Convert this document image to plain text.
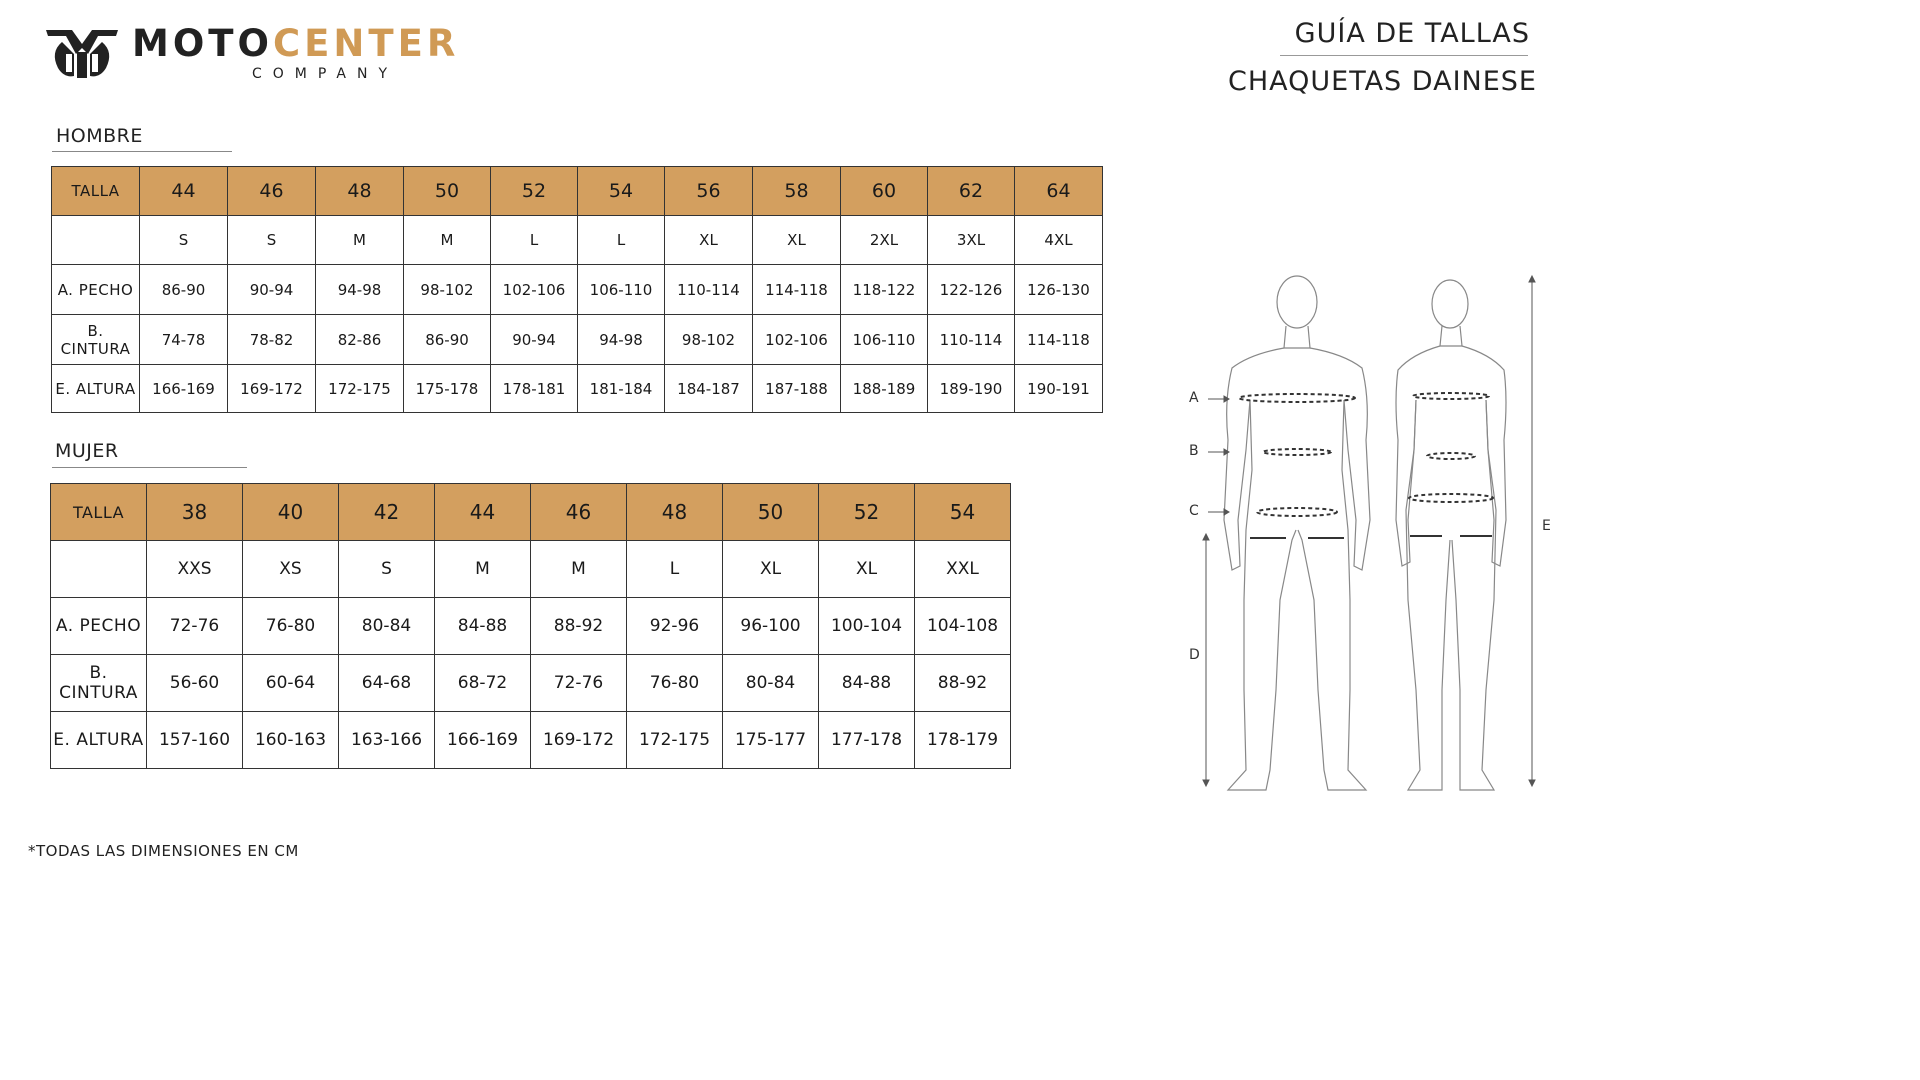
MOTOCENTER
COMPANY
GUÍA DE TALLAS
CHAQUETAS DAINESE
HOMBRE
TALLA	44	46	48	50	52	54	56	58	60	62	64
	S	S	M	M	L	L	XL	XL	2XL	3XL	4XL
A. PECHO	86-90	90-94	94-98	98-102	102-106	106-110	110-114	114-118	118-122	122-126	126-130
B. CINTURA	74-78	78-82	82-86	86-90	90-94	94-98	98-102	102-106	106-110	110-114	114-118
E. ALTURA	166-169	169-172	172-175	175-178	178-181	181-184	184-187	187-188	188-189	189-190	190-191
MUJER
TALLA	38	40	42	44	46	48	50	52	54
	XXS	XS	S	M	M	L	XL	XL	XXL
A. PECHO	72-76	76-80	80-84	84-88	88-92	92-96	96-100	100-104	104-108
B. CINTURA	56-60	60-64	64-68	68-72	72-76	76-80	80-84	84-88	88-92
E. ALTURA	157-160	160-163	163-166	166-169	169-172	172-175	175-177	177-178	178-179
*TODAS LAS DIMENSIONES EN CM
A
B
C
D
E
